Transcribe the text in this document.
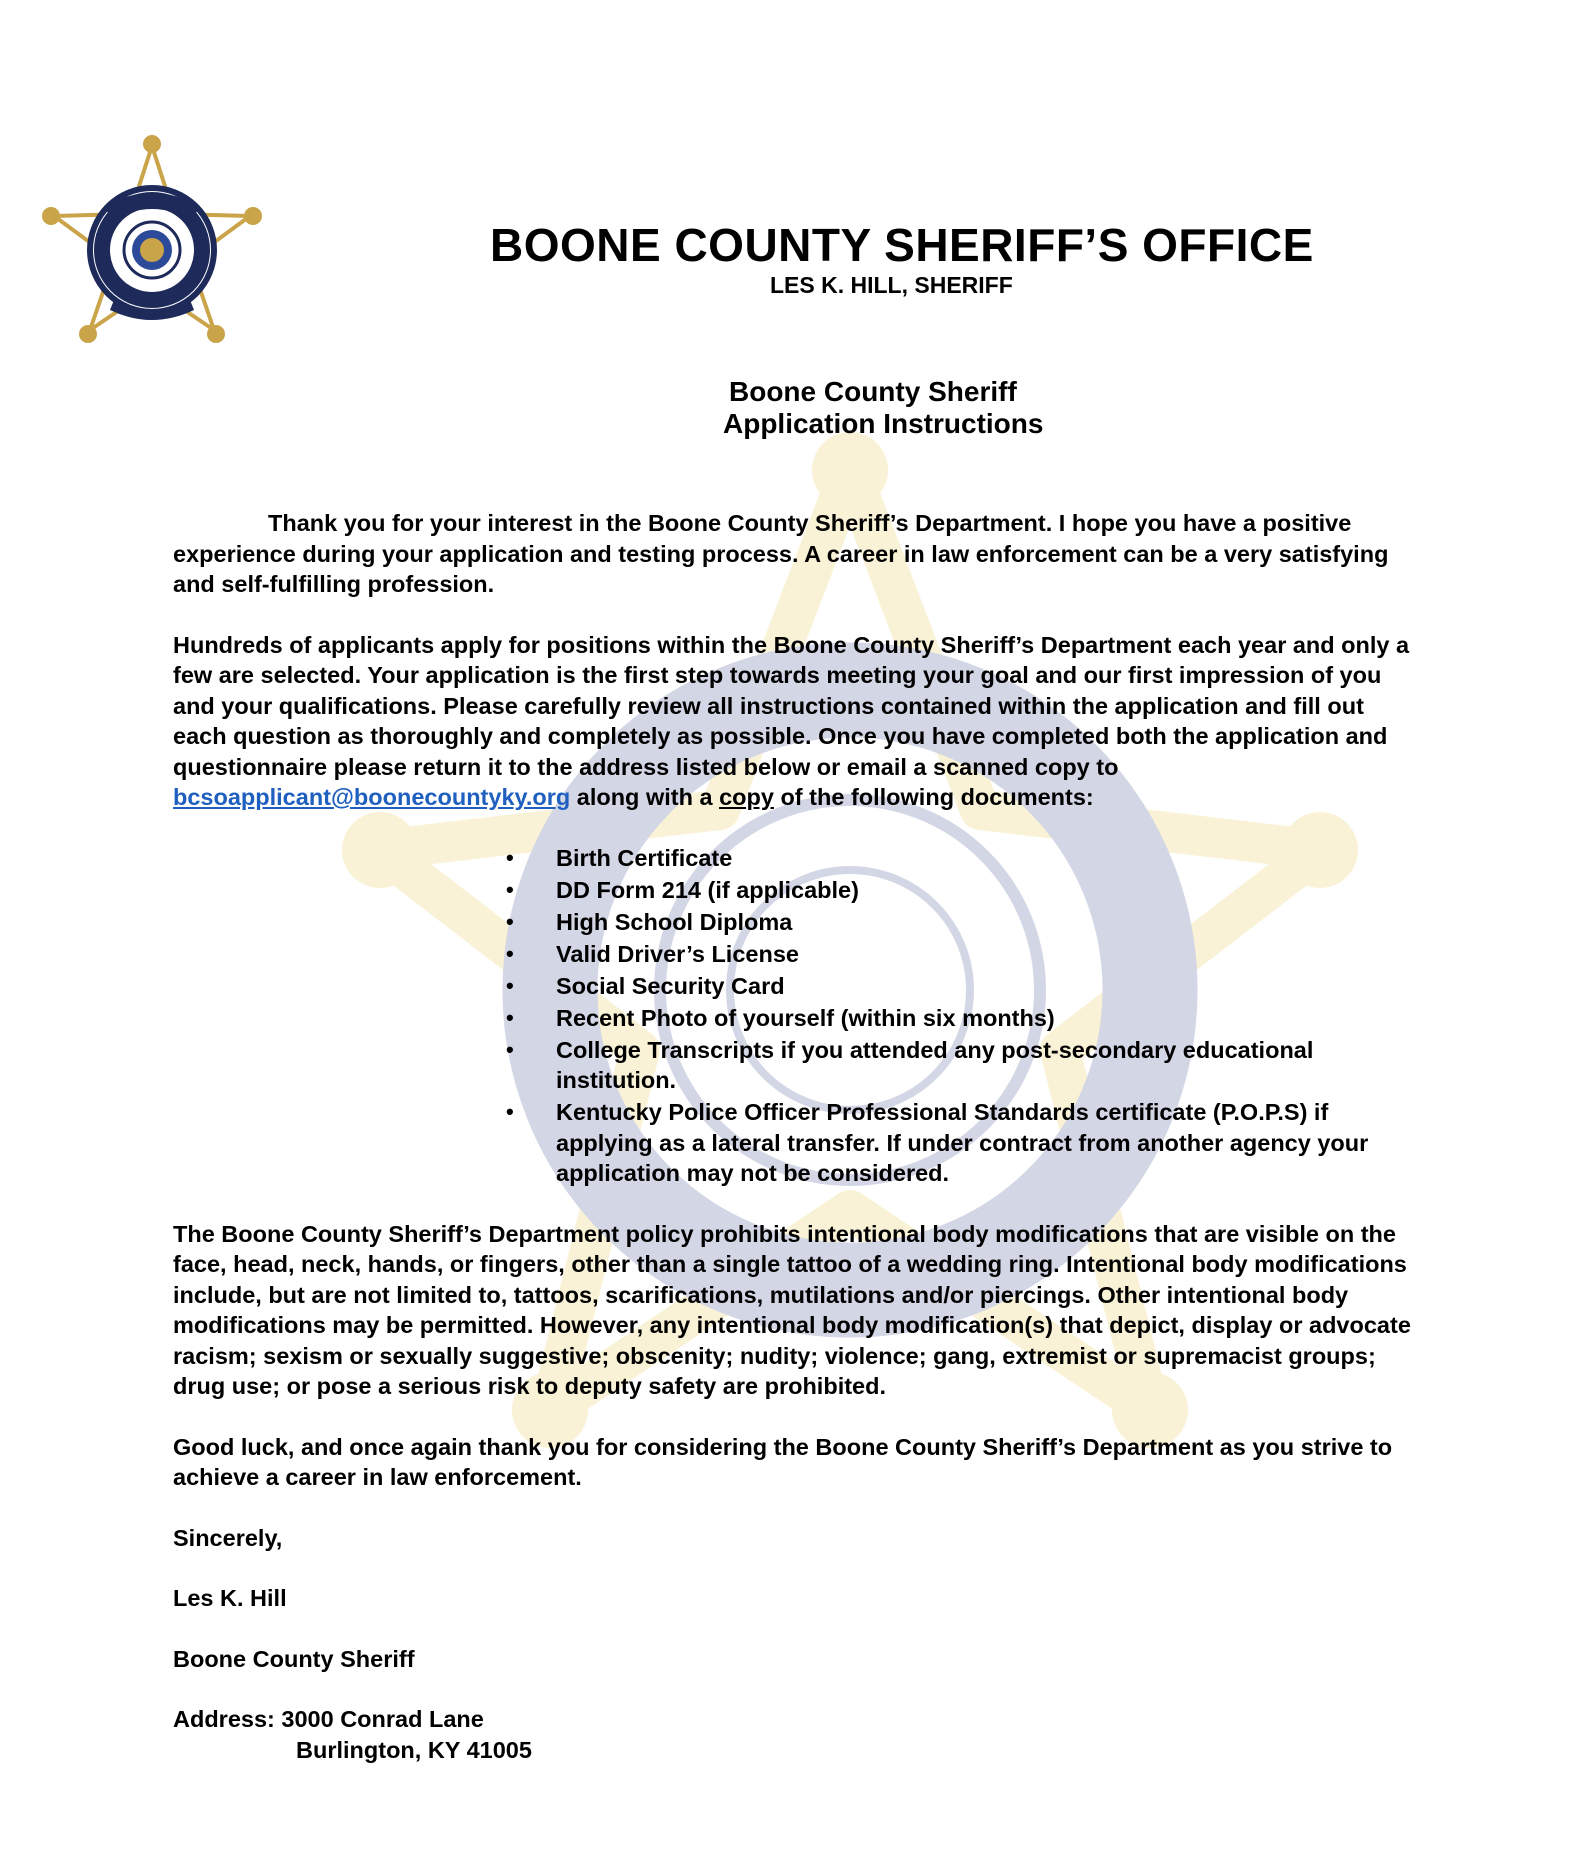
BOONE COUNTY SHERIFF’S OFFICE
LES K. HILL, SHERIFF
Boone County Sheriff
Application Instructions

Thank you for your interest in the Boone County Sheriff’s Department. I hope you have a positive experience during your application and testing process. A career in law enforcement can be a very satisfying and self-fulfilling profession.

Hundreds of applicants apply for positions within the Boone County Sheriff’s Department each year and only a few are selected. Your application is the first step towards meeting your goal and our first impression of you and your qualifications. Please carefully review all instructions contained within the application and fill out each question as thoroughly and completely as possible. Once you have completed both the application and questionnaire please return it to the address listed below or email a scanned copy to bcsoapplicant@boonecountyky.org along with a copy of the following documents:

• Birth Certificate
• DD Form 214 (if applicable)
• High School Diploma
• Valid Driver’s License
• Social Security Card
• Recent Photo of yourself (within six months)
• College Transcripts if you attended any post-secondary educational institution.
• Kentucky Police Officer Professional Standards certificate (P.O.P.S) if applying as a lateral transfer. If under contract from another agency your application may not be considered.

The Boone County Sheriff’s Department policy prohibits intentional body modifications that are visible on the face, head, neck, hands, or fingers, other than a single tattoo of a wedding ring. Intentional body modifications include, but are not limited to, tattoos, scarifications, mutilations and/or piercings. Other intentional body modifications may be permitted. However, any intentional body modification(s) that depict, display or advocate racism; sexism or sexually suggestive; obscenity; nudity; violence; gang, extremist or supremacist groups; drug use; or pose a serious risk to deputy safety are prohibited.

Good luck, and once again thank you for considering the Boone County Sheriff’s Department as you strive to achieve a career in law enforcement.

Sincerely,

Les K. Hill

Boone County Sheriff

Address: 3000 Conrad Lane
Burlington, KY 41005
